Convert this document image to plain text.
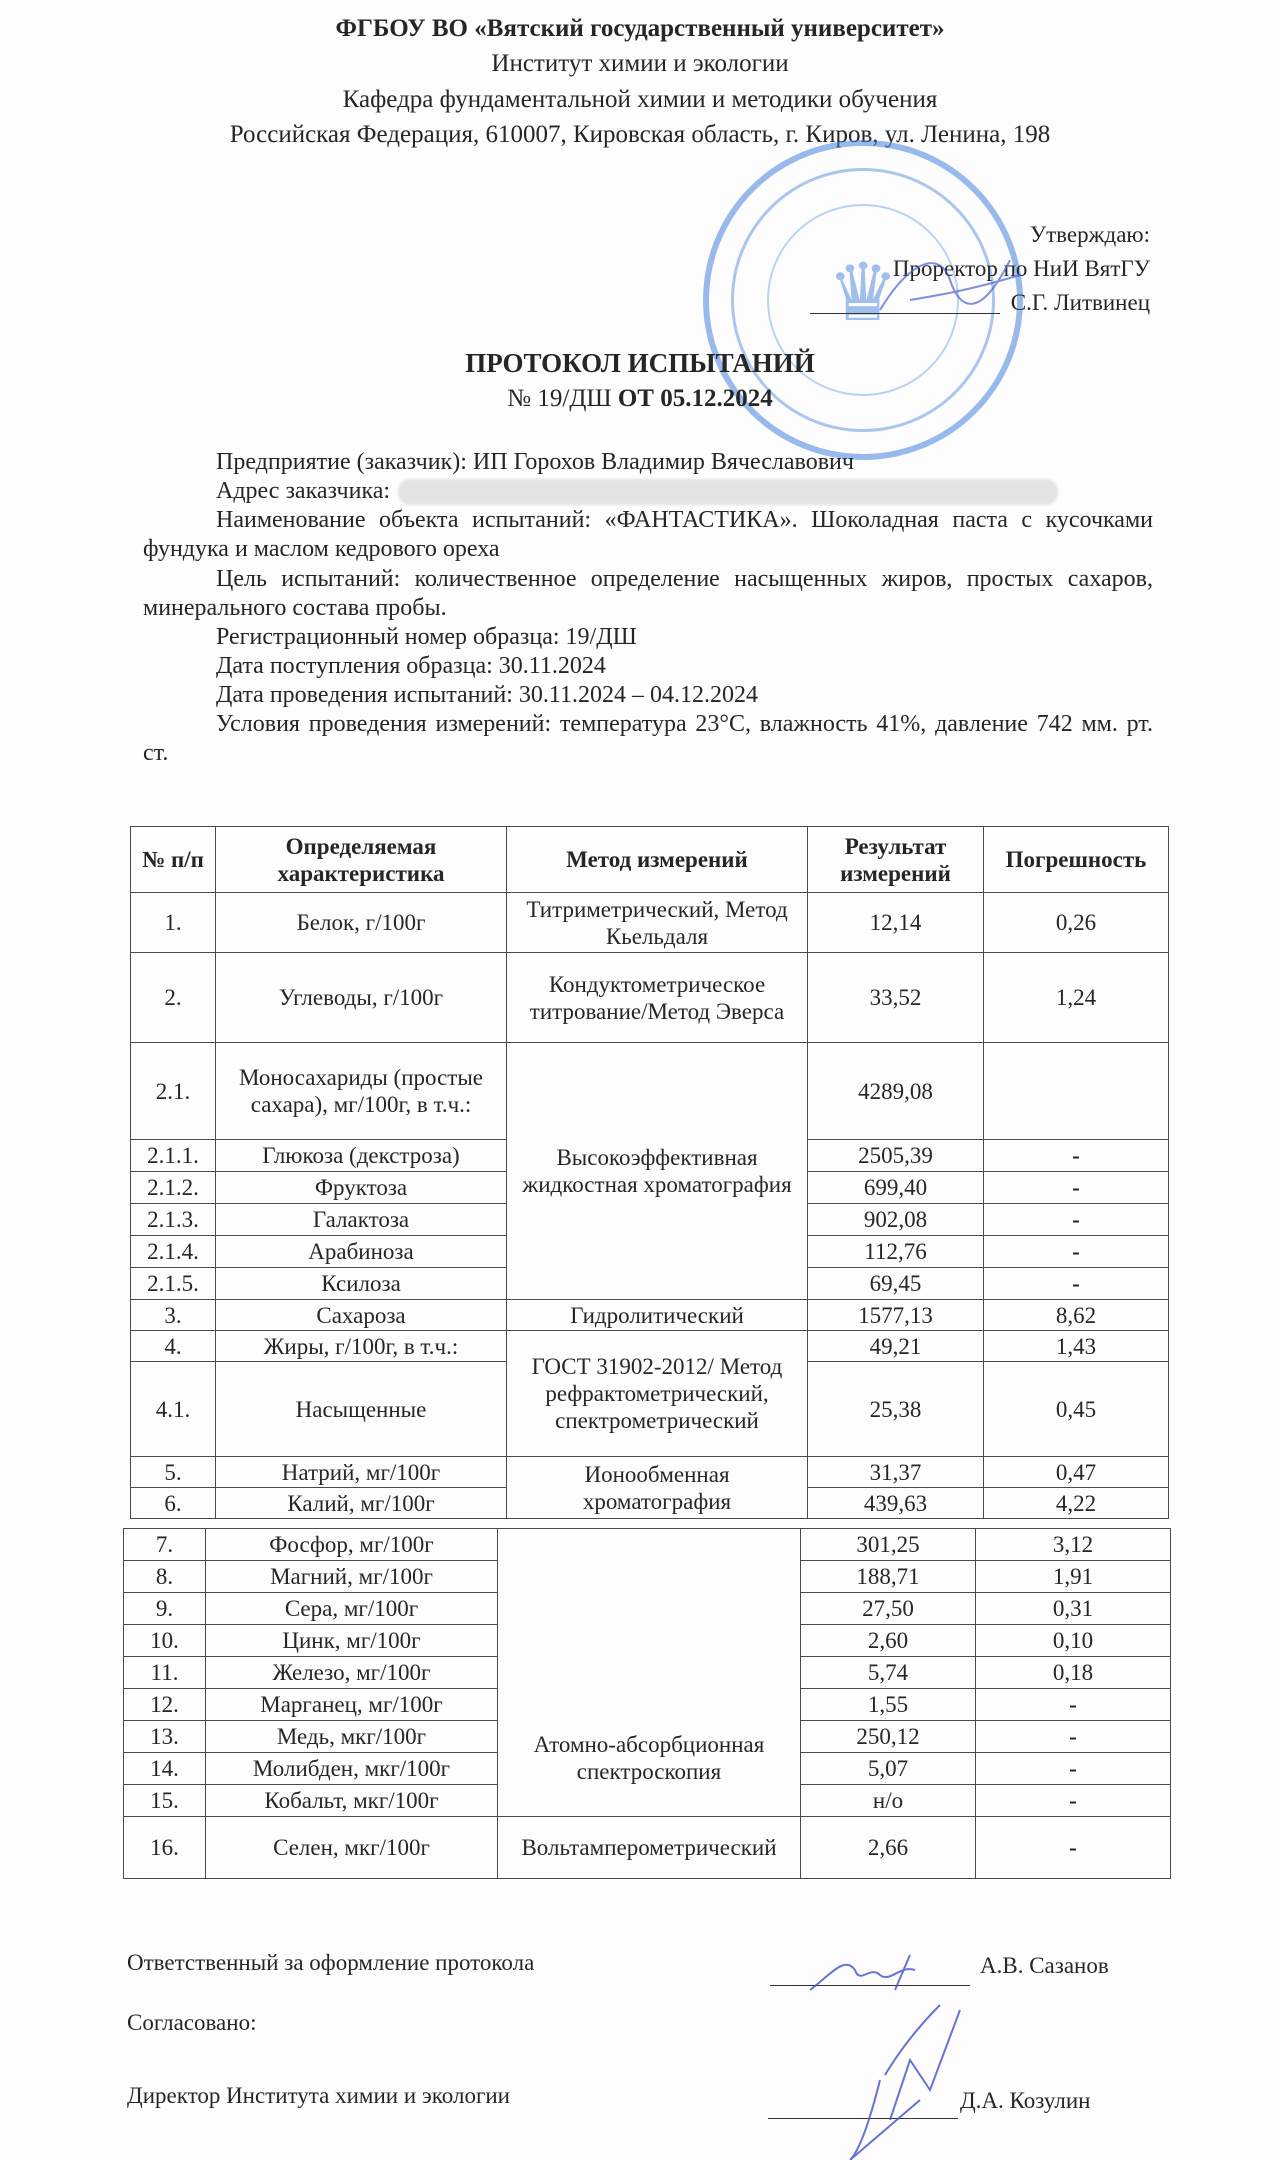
ФГБОУ ВО «Вятский государственный университет»
Институт химии и экологии
Кафедра фундаментальной химии и методики обучения
Российская Федерация, 610007, Кировская область, г. Киров, ул. Ленина, 198
♛
Утверждаю:
Проректор по НиИ ВятГУ
С.Г. Литвинец
ПРОТОКОЛ ИСПЫТАНИЙ
№ 19/ДШ ОТ 05.12.2024
Предприятие (заказчик): ИП Горохов Владимир Вячеславович
Адрес заказчика:
Наименование объекта испытаний: «ФАНТАСТИКА». Шоколадная паста с кусочками фундука и маслом кедрового ореха
Цель испытаний: количественное определение насыщенных жиров, простых сахаров, минерального состава пробы.
Регистрационный номер образца: 19/ДШ
Дата поступления образца: 30.11.2024
Дата проведения испытаний: 30.11.2024 – 04.12.2024
Условия проведения измерений: температура 23°С, влажность 41%, давление 742 мм. рт. ст.
№ п/п	Определяемая характеристика	Метод измерений	Результат измерений	Погрешность
1.	Белок, г/100г	Титриметрический, Метод Кьельдаля	12,14	0,26
2.	Углеводы, г/100г	Кондуктометрическое титрование/Метод Эверса	33,52	1,24
2.1.	Моносахариды (простые сахара), мг/100г, в т.ч.:	Высокоэффективная жидкостная хроматография	4289,08	
2.1.1.	Глюкоза (декстроза)		2505,39	-
2.1.2.	Фруктоза		699,40	-
2.1.3.	Галактоза		902,08	-
2.1.4.	Арабиноза		112,76	-
2.1.5.	Ксилоза		69,45	-
3.	Сахароза	Гидролитический	1577,13	8,62
4.	Жиры, г/100г, в т.ч.:	ГОСТ 31902-2012/ Метод рефрактометрический, спектрометрический	49,21	1,43
4.1.	Насыщенные		25,38	0,45
5.	Натрий, мг/100г	Ионообменная хроматография	31,37	0,47
6.	Калий, мг/100г		439,63	4,22
7.	Фосфор, мг/100г	Атомно-абсорбционная спектроскопия	301,25	3,12
8.	Магний, мг/100г		188,71	1,91
9.	Сера, мг/100г		27,50	0,31
10.	Цинк, мг/100г		2,60	0,10
11.	Железо, мг/100г		5,74	0,18
12.	Марганец, мг/100г		1,55	-
13.	Медь, мкг/100г		250,12	-
14.	Молибден, мкг/100г		5,07	-
15.	Кобальт, мкг/100г		н/о	-
16.	Селен, мкг/100г	Вольтамперометрический	2,66	-
Ответственный за оформление протокола	А.В. Сазанов
Согласовано:
Директор Института химии и экологии	Д.А. Козулин
